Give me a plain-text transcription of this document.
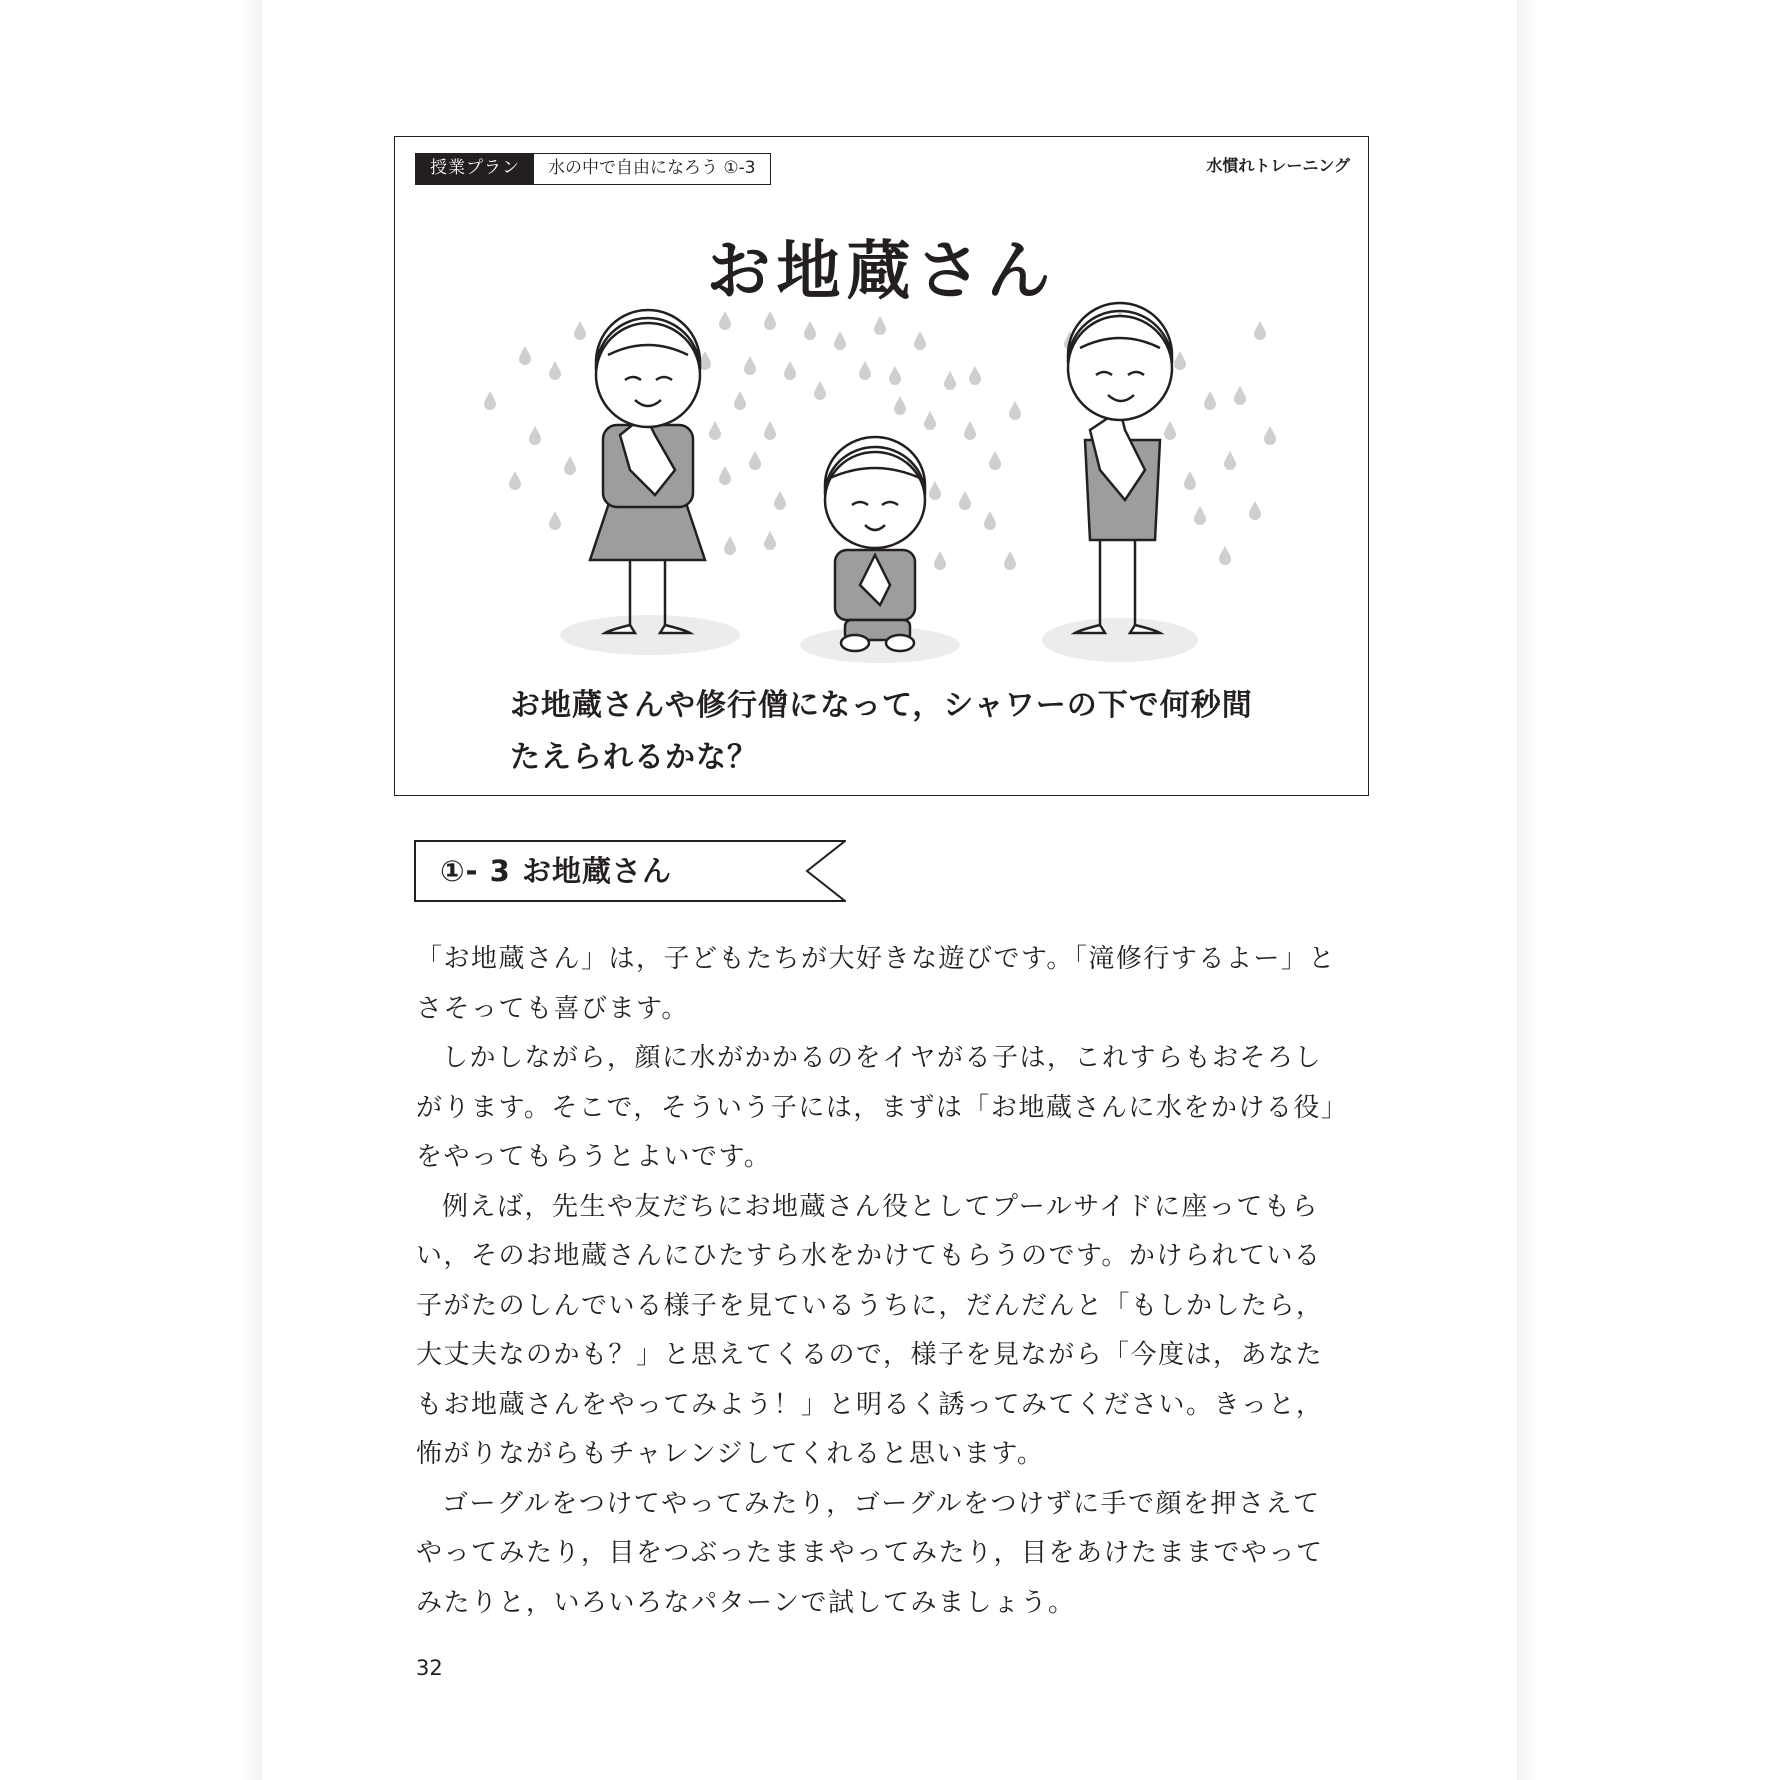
授業プラン	水の中で自由になろう ①-3	水慣れトレーニング
お地蔵さん
お地蔵さんや修行僧になって，シャワーの下で何秒間
たえられるかな？
①- 3 お地蔵さん

「お地蔵さん」は，子どもたちが大好きな遊びです。「滝修行するよー」とさそっても喜びます。

しかしながら，顔に水がかかるのをイヤがる子は，これすらもおそろしがります。そこで，そういう子には，まずは「お地蔵さんに水をかける役」をやってもらうとよいです。

例えば，先生や友だちにお地蔵さん役としてプールサイドに座ってもらい，そのお地蔵さんにひたすら水をかけてもらうのです。かけられている子がたのしんでいる様子を見ているうちに，だんだんと「もしかしたら，大丈夫なのかも？」と思えてくるので，様子を見ながら「今度は，あなたもお地蔵さんをやってみよう！」と明るく誘ってみてください。きっと，怖がりながらもチャレンジしてくれると思います。

ゴーグルをつけてやってみたり，ゴーグルをつけずに手で顔を押さえてやってみたり，目をつぶったままやってみたり，目をあけたままでやってみたりと，いろいろなパターンで試してみましょう。

32
